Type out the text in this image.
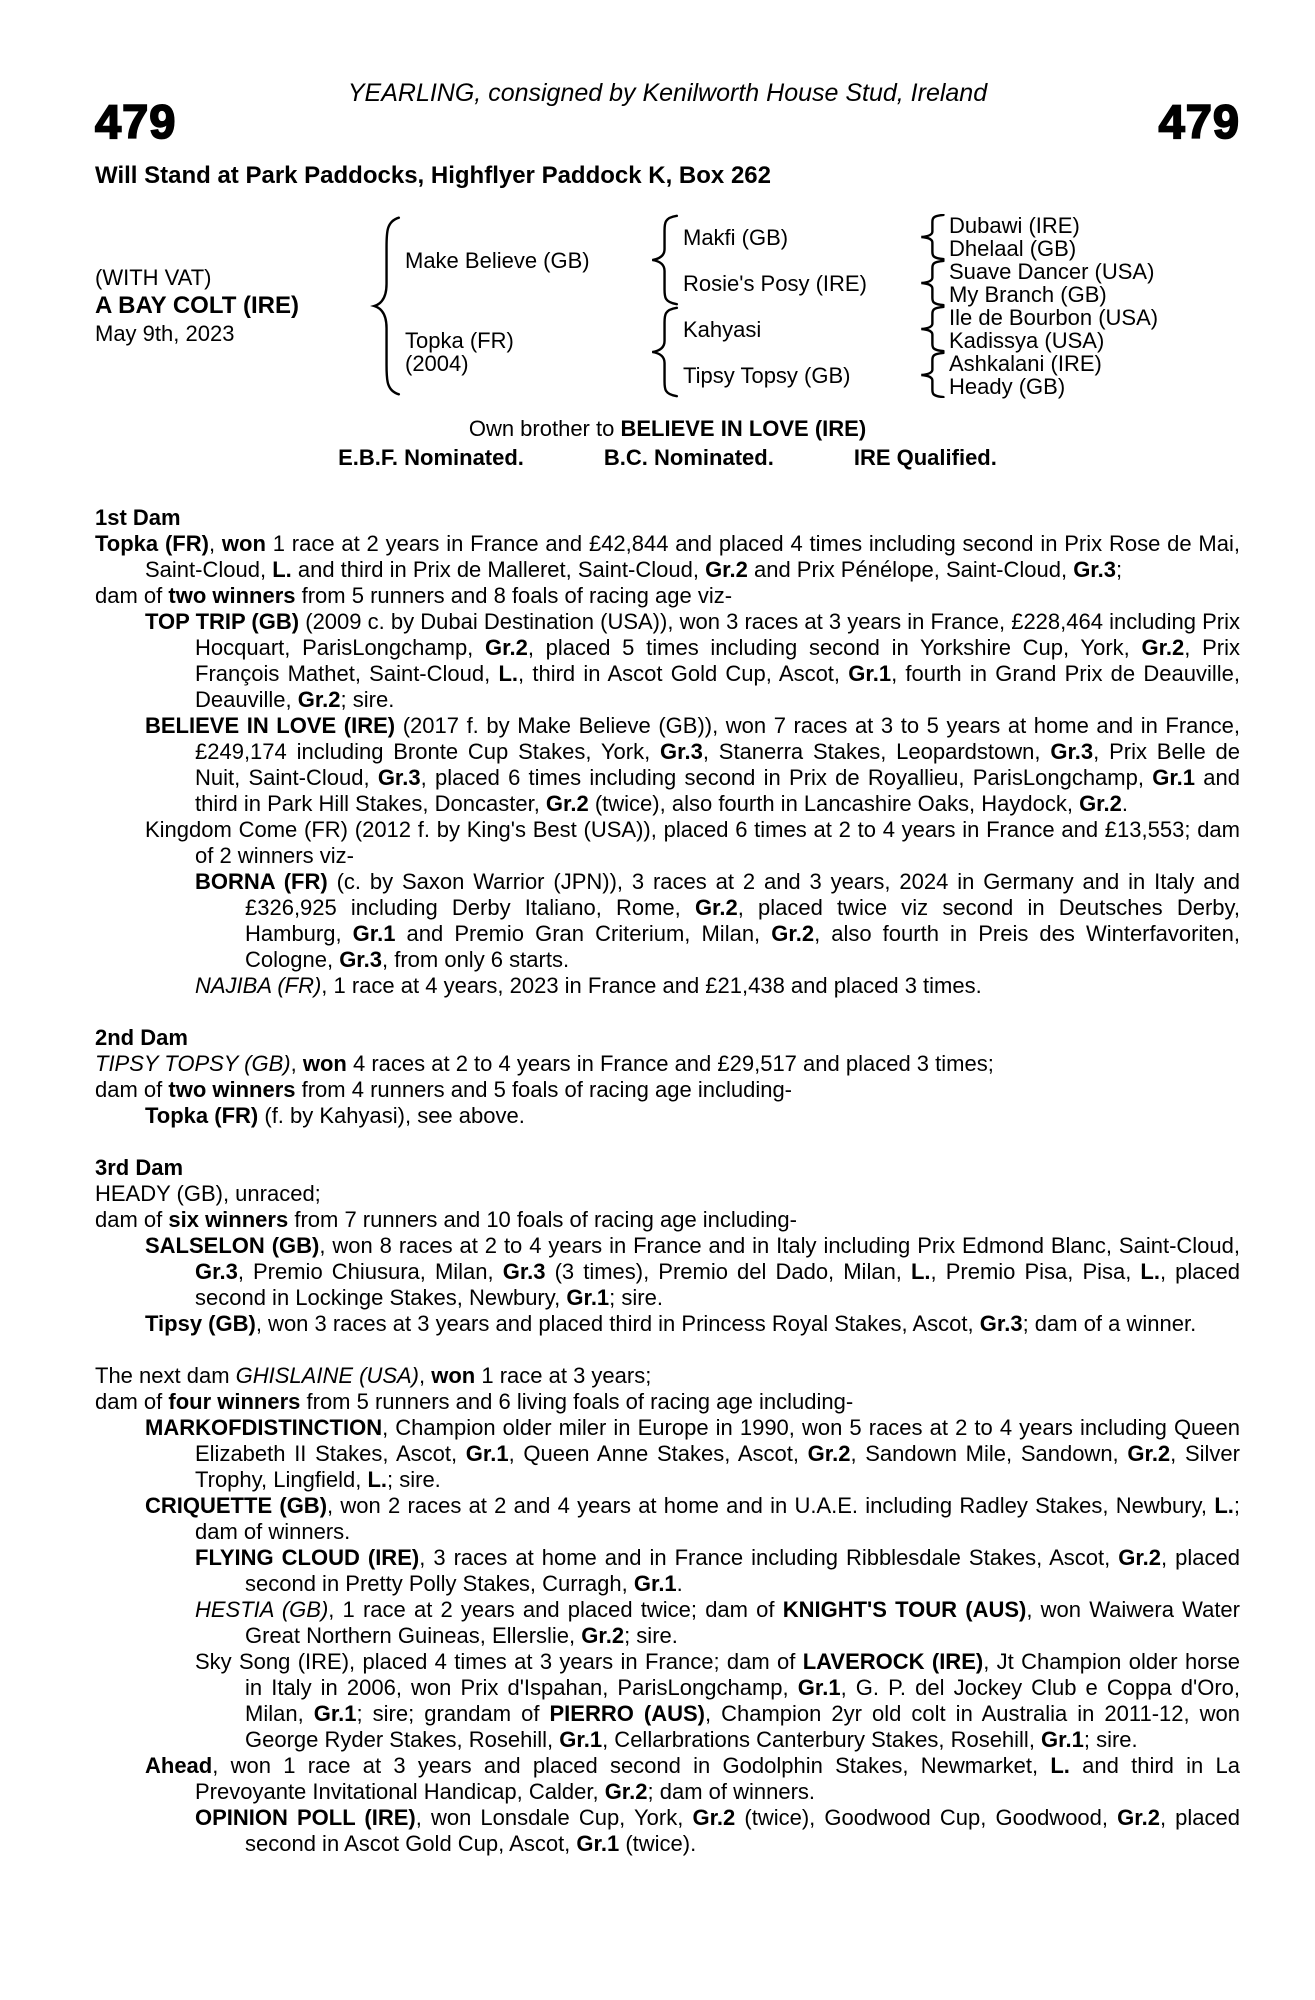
YEARLING, consigned by Kenilworth House Stud, Ireland
479	479
Will Stand at Park Paddocks, Highflyer Paddock K, Box 262
(WITH VAT)
A BAY COLT (IRE)
May 9th, 2023
Make Believe (GB)
Topka (FR)
(2004)
Makfi (GB)
Rosie's Posy (IRE)
Kahyasi
Tipsy Topsy (GB)
Dubawi (IRE)
Dhelaal (GB)
Suave Dancer (USA)
My Branch (GB)
Ile de Bourbon (USA)
Kadissya (USA)
Ashkalani (IRE)
Heady (GB)
Own brother to BELIEVE IN LOVE (IRE)
E.B.F. Nominated.	B.C. Nominated.	IRE Qualified.
1st Dam
Topka (FR), won 1 race at 2 years in France and £42,844 and placed 4 times including second in Prix Rose de Mai, Saint-Cloud, L. and third in Prix de Malleret, Saint-Cloud, Gr.2 and Prix Pénélope, Saint-Cloud, Gr.3;
dam of two winners from 5 runners and 8 foals of racing age viz-
TOP TRIP (GB) (2009 c. by Dubai Destination (USA)), won 3 races at 3 years in France, £228,464 including Prix Hocquart, ParisLongchamp, Gr.2, placed 5 times including second in Yorkshire Cup, York, Gr.2, Prix François Mathet, Saint-Cloud, L., third in Ascot Gold Cup, Ascot, Gr.1, fourth in Grand Prix de Deauville, Deauville, Gr.2; sire.
BELIEVE IN LOVE (IRE) (2017 f. by Make Believe (GB)), won 7 races at 3 to 5 years at home and in France, £249,174 including Bronte Cup Stakes, York, Gr.3, Stanerra Stakes, Leopardstown, Gr.3, Prix Belle de Nuit, Saint-Cloud, Gr.3, placed 6 times including second in Prix de Royallieu, ParisLongchamp, Gr.1 and third in Park Hill Stakes, Doncaster, Gr.2 (twice), also fourth in Lancashire Oaks, Haydock, Gr.2.
Kingdom Come (FR) (2012 f. by King's Best (USA)), placed 6 times at 2 to 4 years in France and £13,553; dam of 2 winners viz-
BORNA (FR) (c. by Saxon Warrior (JPN)), 3 races at 2 and 3 years, 2024 in Germany and in Italy and £326,925 including Derby Italiano, Rome, Gr.2, placed twice viz second in Deutsches Derby, Hamburg, Gr.1 and Premio Gran Criterium, Milan, Gr.2, also fourth in Preis des Winterfavoriten, Cologne, Gr.3, from only 6 starts.
NAJIBA (FR), 1 race at 4 years, 2023 in France and £21,438 and placed 3 times.
2nd Dam
TIPSY TOPSY (GB), won 4 races at 2 to 4 years in France and £29,517 and placed 3 times;
dam of two winners from 4 runners and 5 foals of racing age including-
Topka (FR) (f. by Kahyasi), see above.
3rd Dam
HEADY (GB), unraced;
dam of six winners from 7 runners and 10 foals of racing age including-
SALSELON (GB), won 8 races at 2 to 4 years in France and in Italy including Prix Edmond Blanc, Saint-Cloud, Gr.3, Premio Chiusura, Milan, Gr.3 (3 times), Premio del Dado, Milan, L., Premio Pisa, Pisa, L., placed second in Lockinge Stakes, Newbury, Gr.1; sire.
Tipsy (GB), won 3 races at 3 years and placed third in Princess Royal Stakes, Ascot, Gr.3; dam of a winner.
The next dam GHISLAINE (USA), won 1 race at 3 years;
dam of four winners from 5 runners and 6 living foals of racing age including-
MARKOFDISTINCTION, Champion older miler in Europe in 1990, won 5 races at 2 to 4 years including Queen Elizabeth II Stakes, Ascot, Gr.1, Queen Anne Stakes, Ascot, Gr.2, Sandown Mile, Sandown, Gr.2, Silver Trophy, Lingfield, L.; sire.
CRIQUETTE (GB), won 2 races at 2 and 4 years at home and in U.A.E. including Radley Stakes, Newbury, L.; dam of winners.
FLYING CLOUD (IRE), 3 races at home and in France including Ribblesdale Stakes, Ascot, Gr.2, placed second in Pretty Polly Stakes, Curragh, Gr.1.
HESTIA (GB), 1 race at 2 years and placed twice; dam of KNIGHT'S TOUR (AUS), won Waiwera Water Great Northern Guineas, Ellerslie, Gr.2; sire.
Sky Song (IRE), placed 4 times at 3 years in France; dam of LAVEROCK (IRE), Jt Champion older horse in Italy in 2006, won Prix d'Ispahan, ParisLongchamp, Gr.1, G. P. del Jockey Club e Coppa d'Oro, Milan, Gr.1; sire; grandam of PIERRO (AUS), Champion 2yr old colt in Australia in 2011-12, won George Ryder Stakes, Rosehill, Gr.1, Cellarbrations Canterbury Stakes, Rosehill, Gr.1; sire.
Ahead, won 1 race at 3 years and placed second in Godolphin Stakes, Newmarket, L. and third in La Prevoyante Invitational Handicap, Calder, Gr.2; dam of winners.
OPINION POLL (IRE), won Lonsdale Cup, York, Gr.2 (twice), Goodwood Cup, Goodwood, Gr.2, placed second in Ascot Gold Cup, Ascot, Gr.1 (twice).
